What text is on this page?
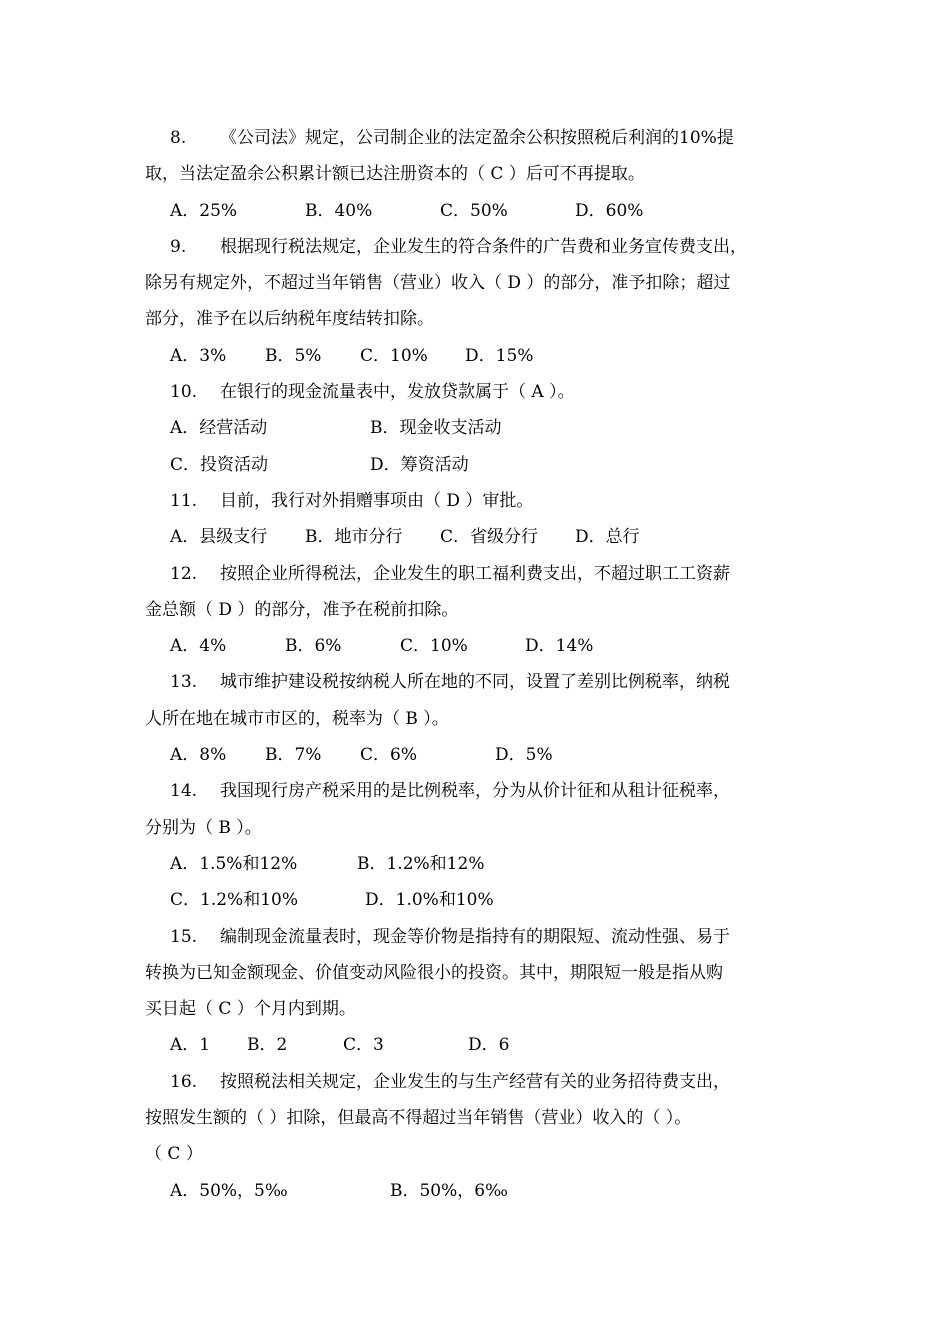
8. 《公司法》规定，公司制企业的法定盈余公积按照税后利润的10%提
取，当法定盈余公积累计额已达注册资本的（ C ）后可不再提取。
A．25%	B．40%	C．50%	D．60%
9. 根据现行税法规定，企业发生的符合条件的广告费和业务宣传费支出，
除另有规定外，不超过当年销售（营业）收入（ D ）的部分，准予扣除；超过
部分，准予在以后纳税年度结转扣除。
A．3% B．5% C．10% D．15%
10. 在银行的现金流量表中，发放贷款属于（ A ）。
A．经营活动	B．现金收支活动
C．投资活动	D．筹资活动
11. 目前，我行对外捐赠事项由（ D ）审批。
A．县级支行 B．地市分行 C．省级分行 D．总行
12. 按照企业所得税法，企业发生的职工福利费支出，不超过职工工资薪
金总额（ D ）的部分，准予在税前扣除。
A．4%	B．6%	C．10%	D．14%
13. 城市维护建设税按纳税人所在地的不同，设置了差别比例税率，纳税
人所在地在城市市区的，税率为（ B ）。
A．8% B．7% C．6%	D．5%
14. 我国现行房产税采用的是比例税率，分为从价计征和从租计征税率，
分别为（ B ）。
A．1.5%和12%	B．1.2%和12%
C．1.2%和10%	D．1.0%和10%
15. 编制现金流量表时，现金等价物是指持有的期限短、流动性强、易于
转换为已知金额现金、价值变动风险很小的投资。其中，期限短一般是指从购
买日起（ C ）个月内到期。
A．1 B．2	C．3	D．6
16. 按照税法相关规定，企业发生的与生产经营有关的业务招待费支出，
按照发生额的（ ）扣除，但最高不得超过当年销售（营业）收入的（ ）。
（ C ）
A．50%，5‰	B．50%，6‰
